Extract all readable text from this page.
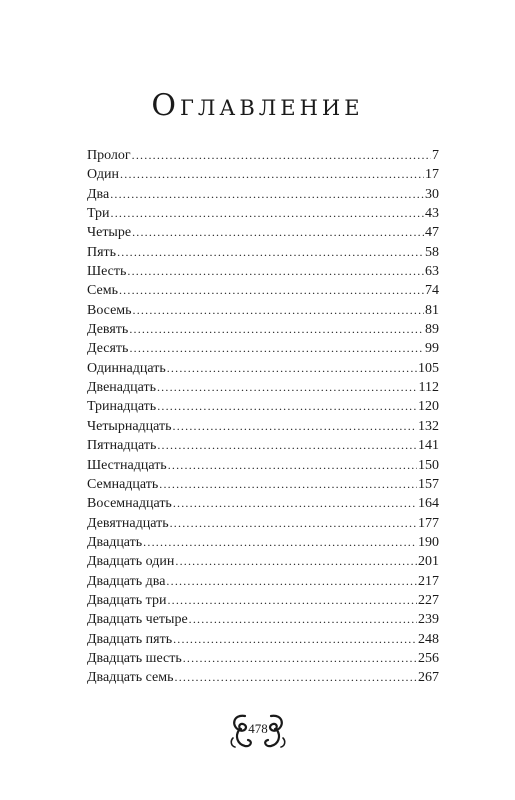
Оглавление
Пролог .....	7
Один .....	17
Два .....	30
Три .....	43
Четыре .....	47
Пять .....	58
Шесть .....	63
Семь .....	74
Восемь .....	81
Девять .....	89
Десять .....	99
Одиннадцать .....	105
Двенадцать .....	112
Тринадцать .....	120
Четырнадцать .....	132
Пятнадцать .....	141
Шестнадцать .....	150
Семнадцать .....	157
Восемнадцать .....	164
Девятнадцать .....	177
Двадцать .....	190
Двадцать один .....	201
Двадцать два .....	217
Двадцать три .....	227
Двадцать четыре .....	239
Двадцать пять .....	248
Двадцать шесть .....	256
Двадцать семь .....	267
478
